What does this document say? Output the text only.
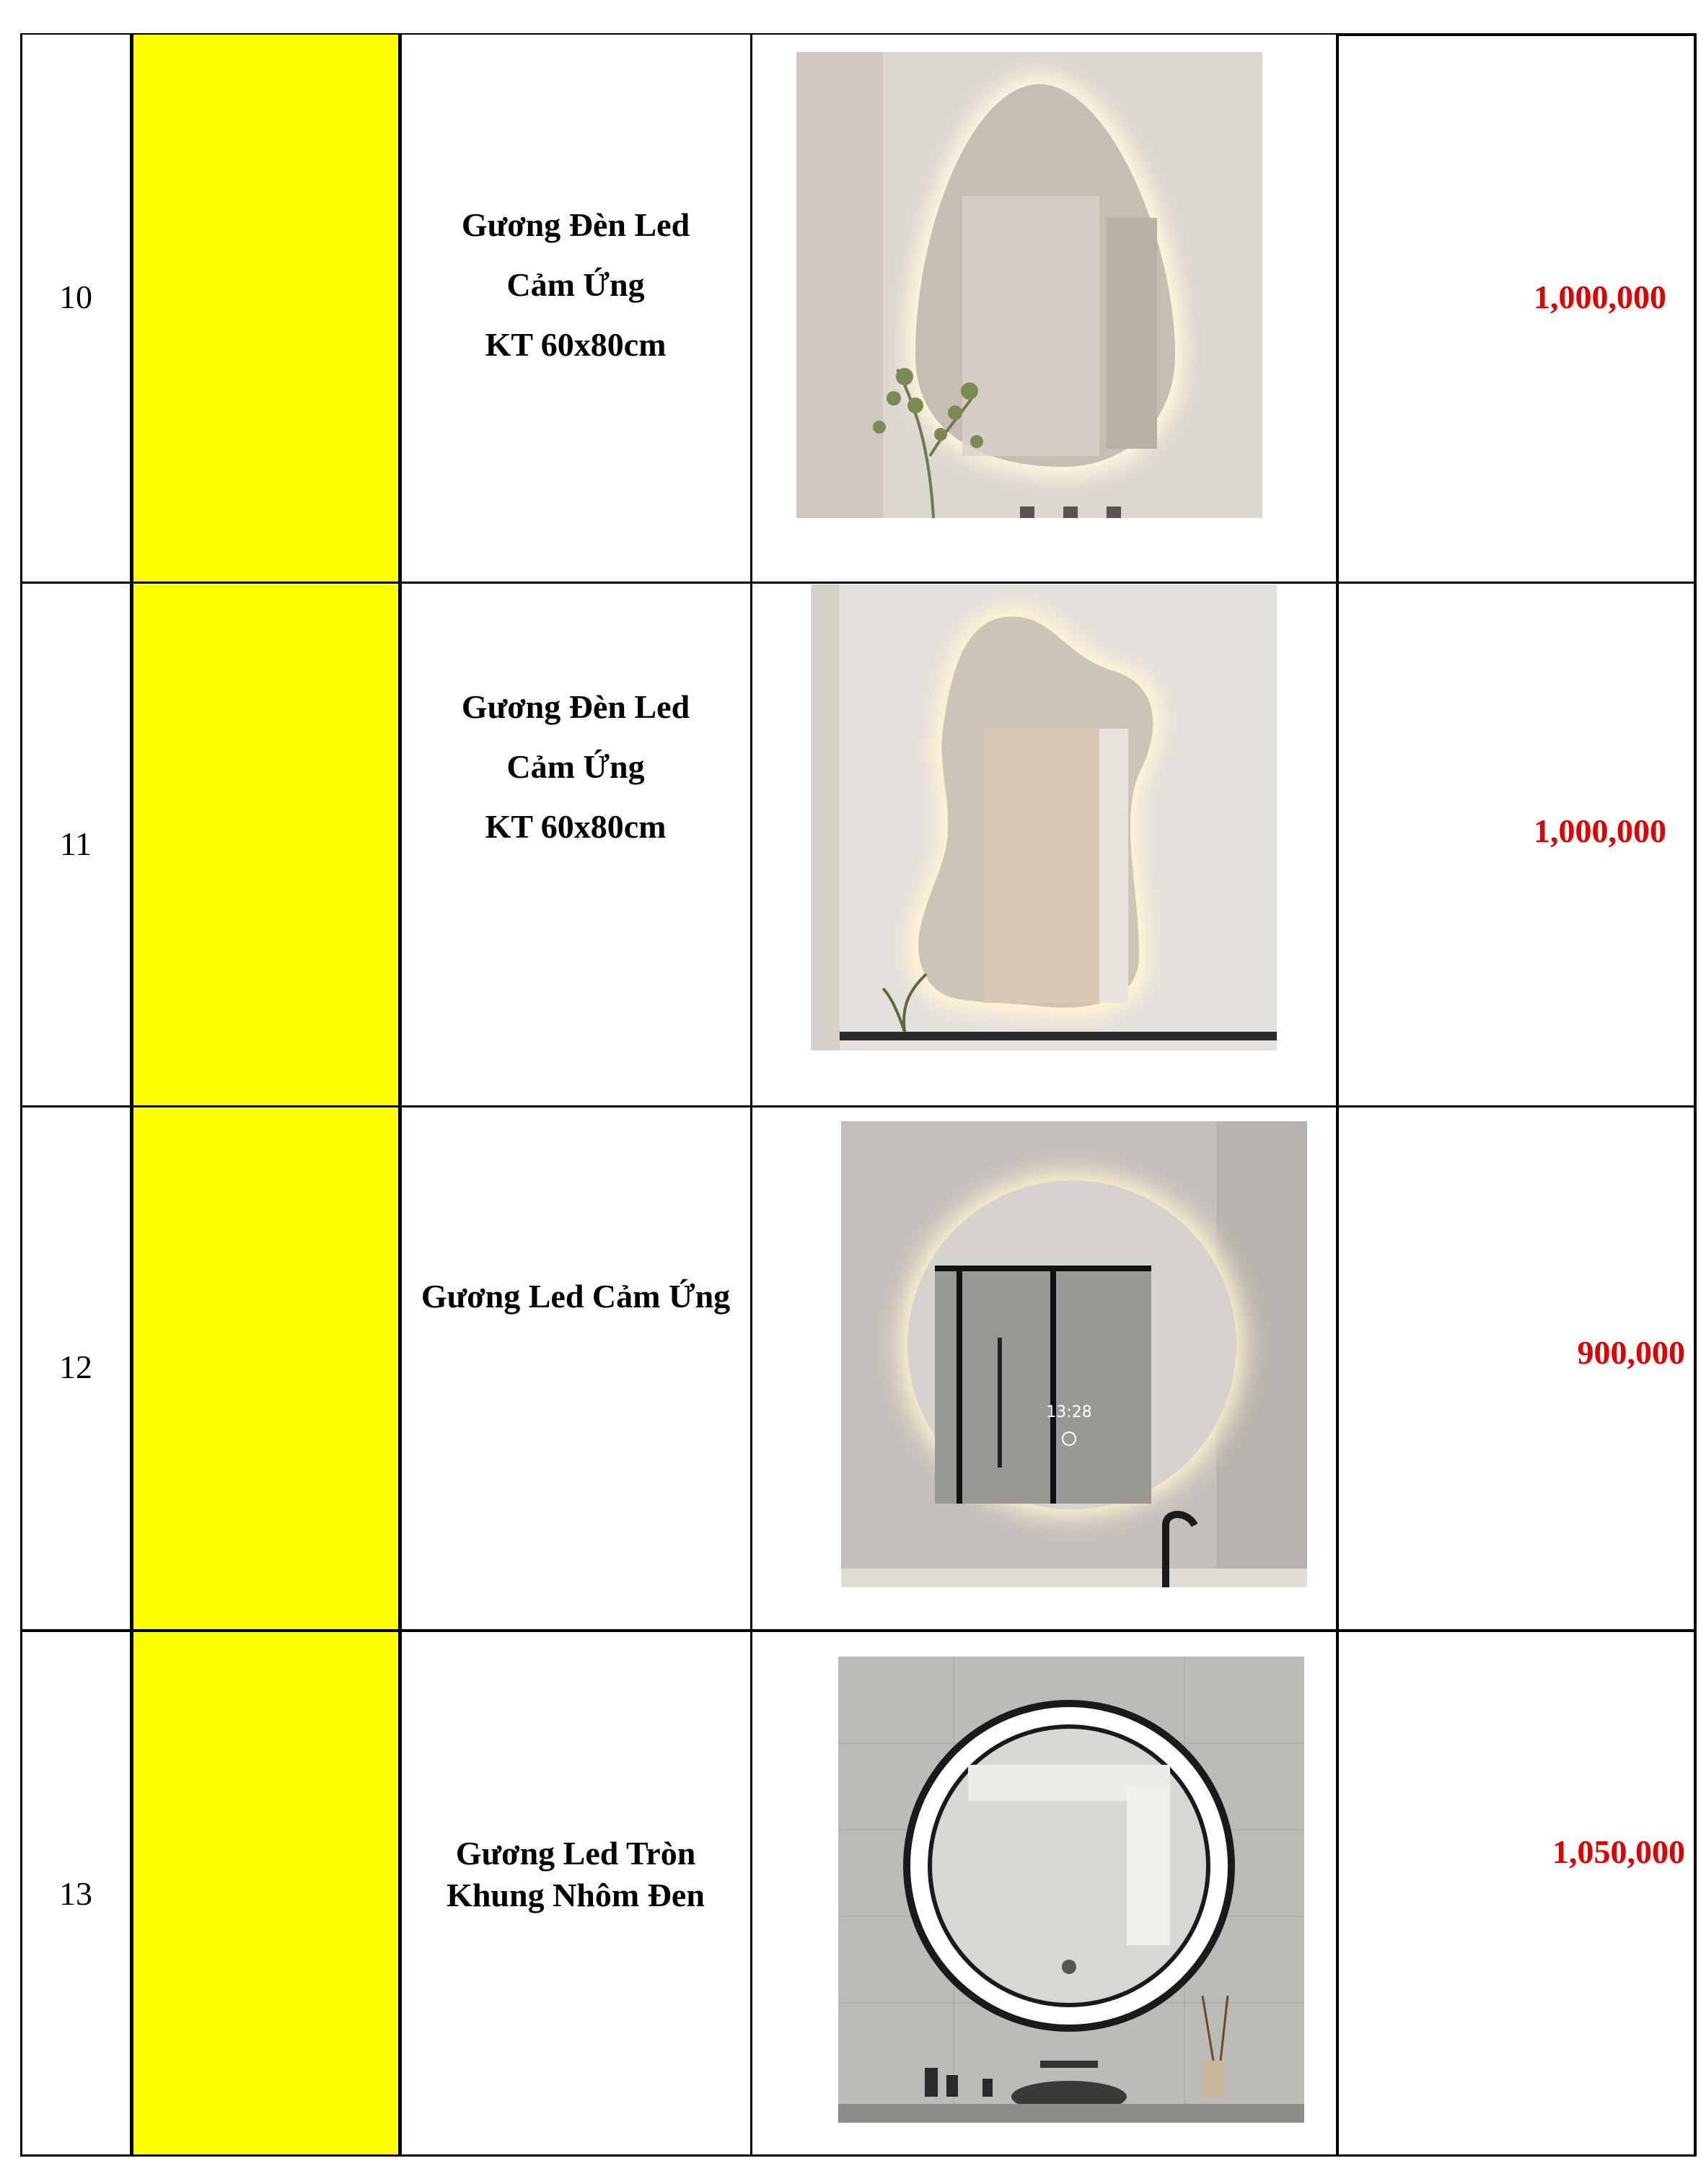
10
Gương Đèn Led
Cảm Ứng
KT 60x80cm
1,000,000
11
Gương Đèn Led
Cảm Ứng
KT 60x80cm	1,000,000
12
Gương Led Cảm Ứng
13:28
900,000
13
Gương Led Tròn
Khung Nhôm Đen
1,050,000
